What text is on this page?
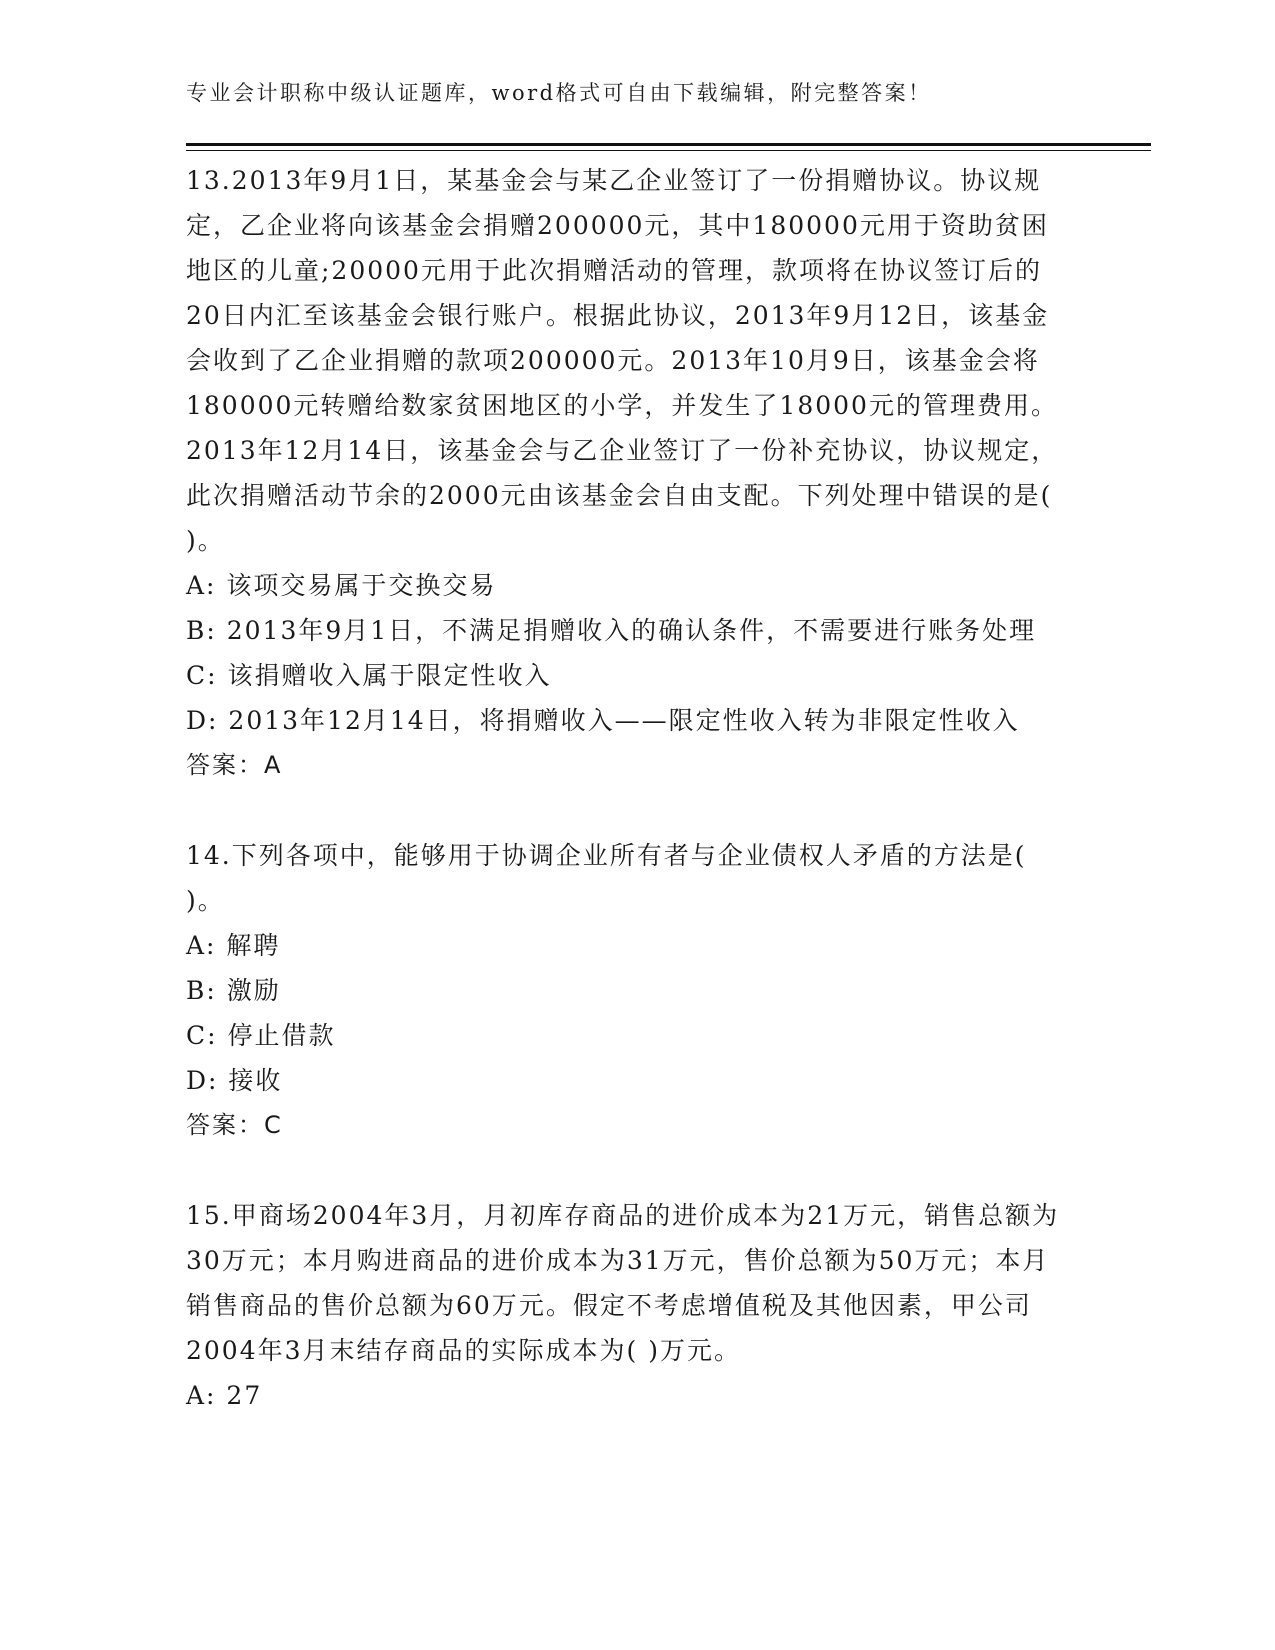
专业会计职称中级认证题库，word格式可自由下载编辑，附完整答案！

13.2013年9月1日，某基金会与某乙企业签订了一份捐赠协议。协议规定，乙企业将向该基金会捐赠200000元，其中180000元用于资助贫困地区的儿童;20000元用于此次捐赠活动的管理，款项将在协议签订后的20日内汇至该基金会银行账户。根据此协议，2013年9月12日，该基金会收到了乙企业捐赠的款项200000元。2013年10月9日，该基金会将180000元转赠给数家贫困地区的小学，并发生了18000元的管理费用。2013年12月14日，该基金会与乙企业签订了一份补充协议，协议规定，此次捐赠活动节余的2000元由该基金会自由支配。下列处理中错误的是( )。

A: 该项交易属于交换交易

B: 2013年9月1日，不满足捐赠收入的确认条件，不需要进行账务处理

C: 该捐赠收入属于限定性收入

D: 2013年12月14日，将捐赠收入——限定性收入转为非限定性收入

答案：A

14.下列各项中，能够用于协调企业所有者与企业债权人矛盾的方法是( )。

A: 解聘

B: 激励

C: 停止借款

D: 接收

答案：C

15.甲商场2004年3月，月初库存商品的进价成本为21万元，销售总额为30万元；本月购进商品的进价成本为31万元，售价总额为50万元；本月销售商品的售价总额为60万元。假定不考虑增值税及其他因素，甲公司2004年3月末结存商品的实际成本为( )万元。

A: 27
